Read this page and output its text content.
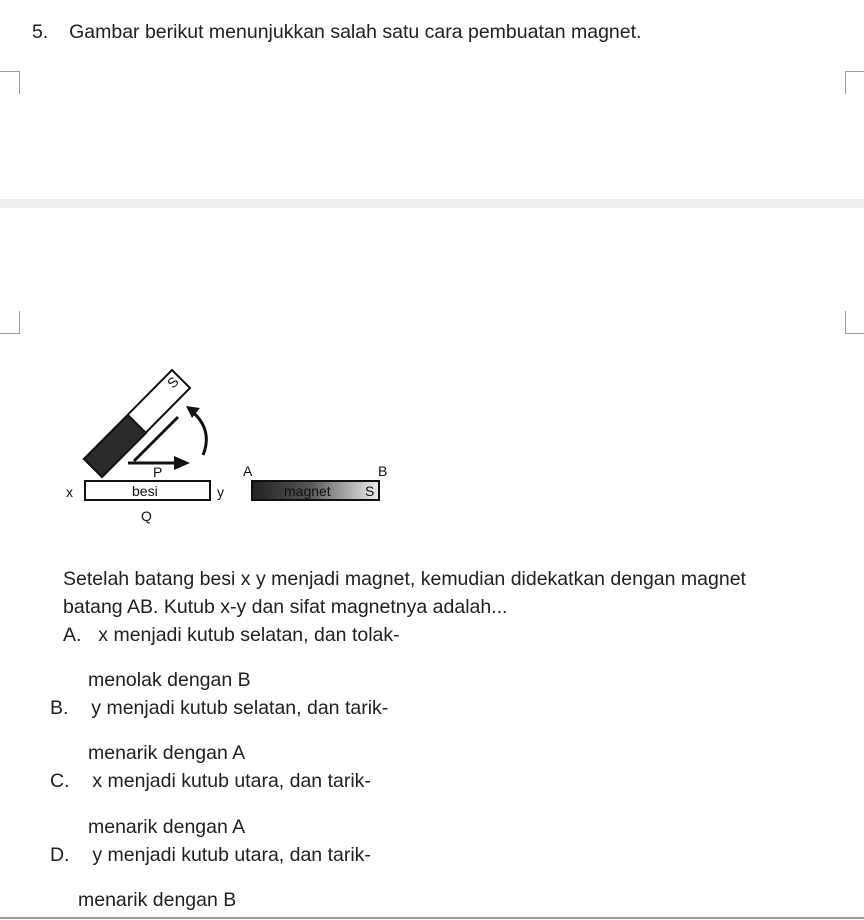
5. Gambar berikut menunjukkan salah satu cara pembuatan magnet.
S
P
x	besi	y
Q
A	B
magnet S
Setelah batang besi x y menjadi magnet, kemudian didekatkan dengan magnet
batang AB. Kutub x-y dan sifat magnetnya adalah...
A. x menjadi kutub selatan, dan tolak-
menolak dengan B
B. y menjadi kutub selatan, dan tarik-
menarik dengan A
C. x menjadi kutub utara, dan tarik-
menarik dengan A
D. y menjadi kutub utara, dan tarik-
menarik dengan B
